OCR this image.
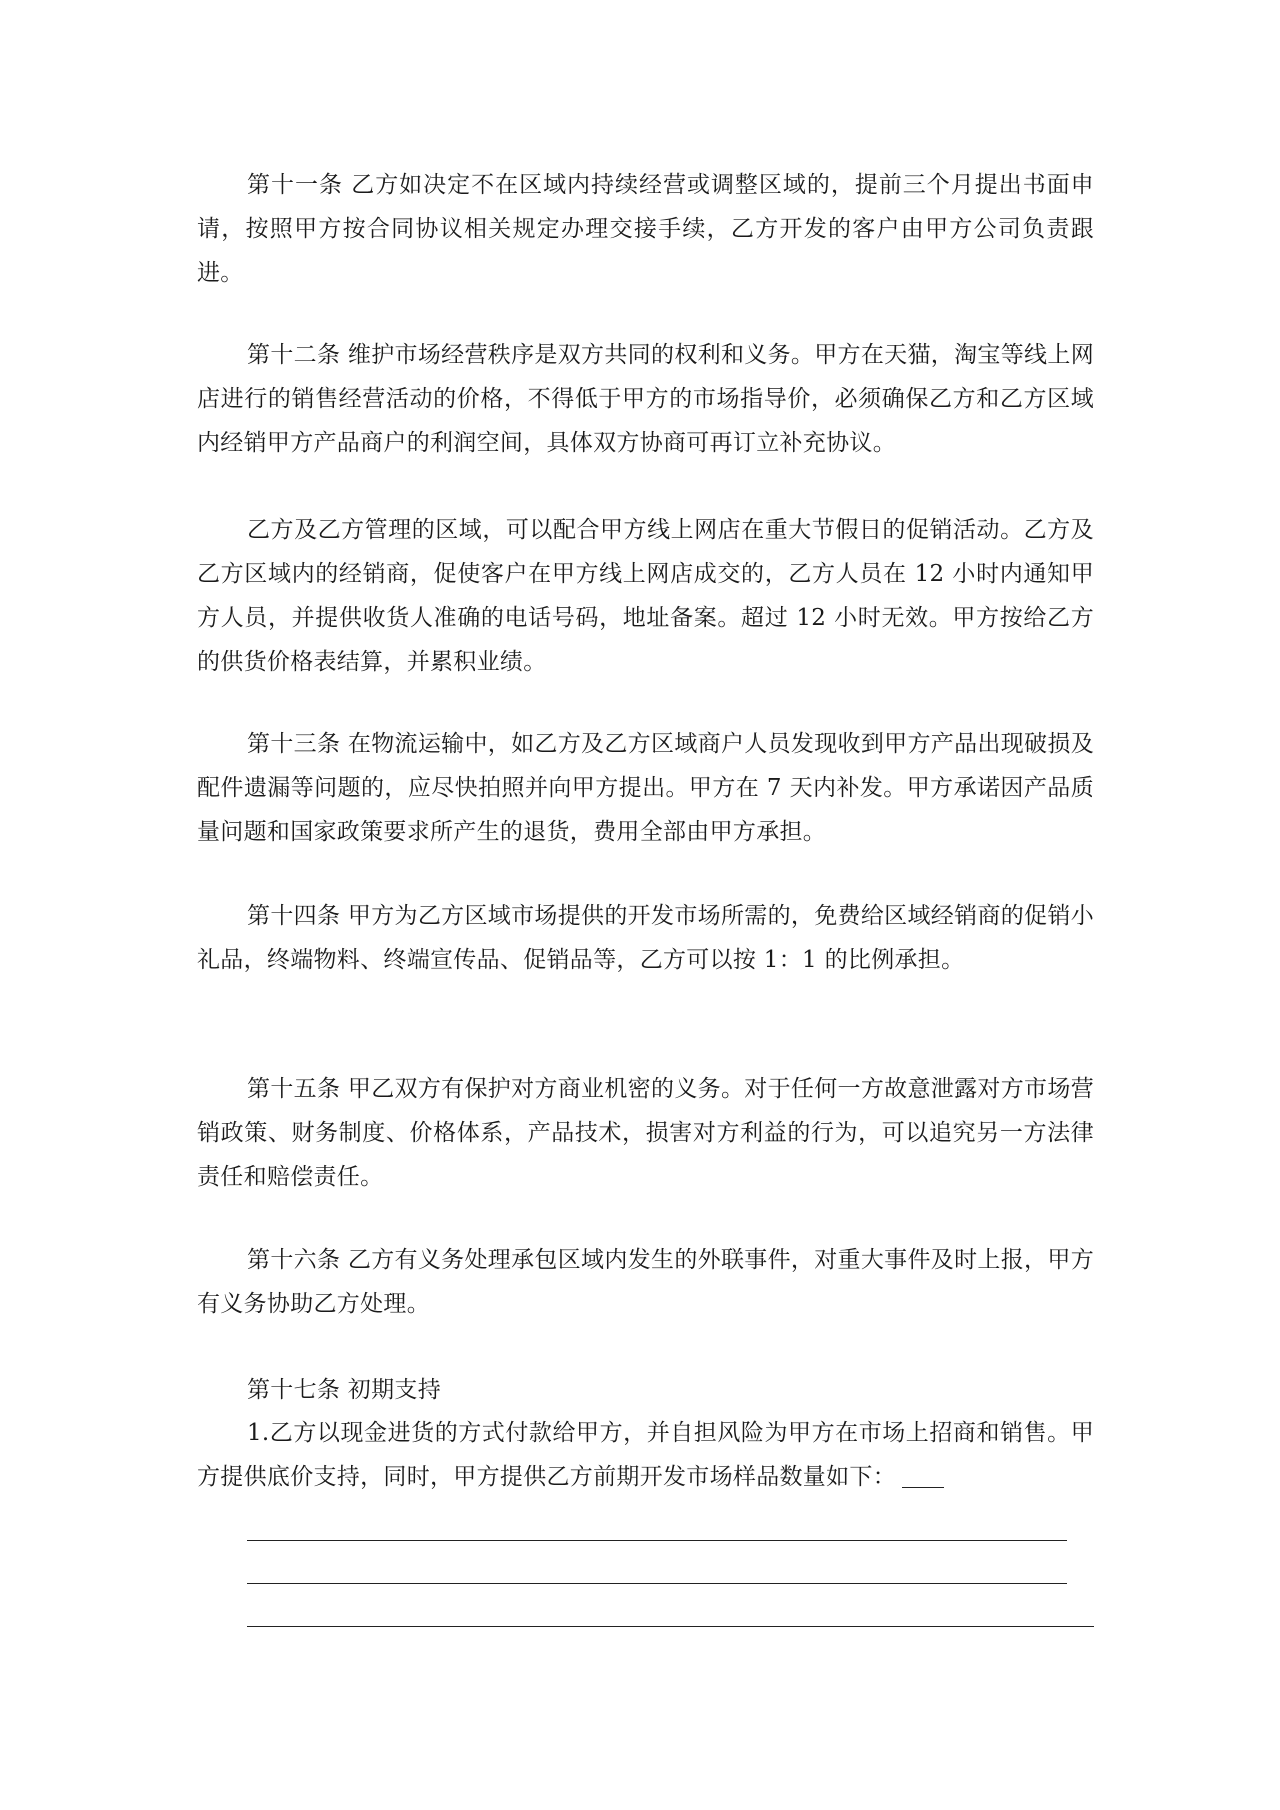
第十一条 乙方如决定不在区域内持续经营或调整区域的，提前三个月提出书面申请，按照甲方按合同协议相关规定办理交接手续，乙方开发的客户由甲方公司负责跟进。

第十二条 维护市场经营秩序是双方共同的权利和义务。甲方在天猫，淘宝等线上网店进行的销售经营活动的价格，不得低于甲方的市场指导价，必须确保乙方和乙方区域内经销甲方产品商户的利润空间，具体双方协商可再订立补充协议。

乙方及乙方管理的区域，可以配合甲方线上网店在重大节假日的促销活动。乙方及乙方区域内的经销商，促使客户在甲方线上网店成交的，乙方人员在 12 小时内通知甲方人员，并提供收货人准确的电话号码，地址备案。超过 12 小时无效。甲方按给乙方的供货价格表结算，并累积业绩。

第十三条 在物流运输中，如乙方及乙方区域商户人员发现收到甲方产品出现破损及配件遗漏等问题的，应尽快拍照并向甲方提出。甲方在 7 天内补发。甲方承诺因产品质量问题和国家政策要求所产生的退货，费用全部由甲方承担。

第十四条 甲方为乙方区域市场提供的开发市场所需的，免费给区域经销商的促销小礼品，终端物料、终端宣传品、促销品等，乙方可以按 1：1 的比例承担。

第十五条 甲乙双方有保护对方商业机密的义务。对于任何一方故意泄露对方市场营销政策、财务制度、价格体系，产品技术，损害对方利益的行为，可以追究另一方法律责任和赔偿责任。

第十六条 乙方有义务处理承包区域内发生的外联事件，对重大事件及时上报，甲方有义务协助乙方处理。

第十七条 初期支持

1.乙方以现金进货的方式付款给甲方，并自担风险为甲方在市场上招商和销售。甲方提供底价支持，同时，甲方提供乙方前期开发市场样品数量如下：
